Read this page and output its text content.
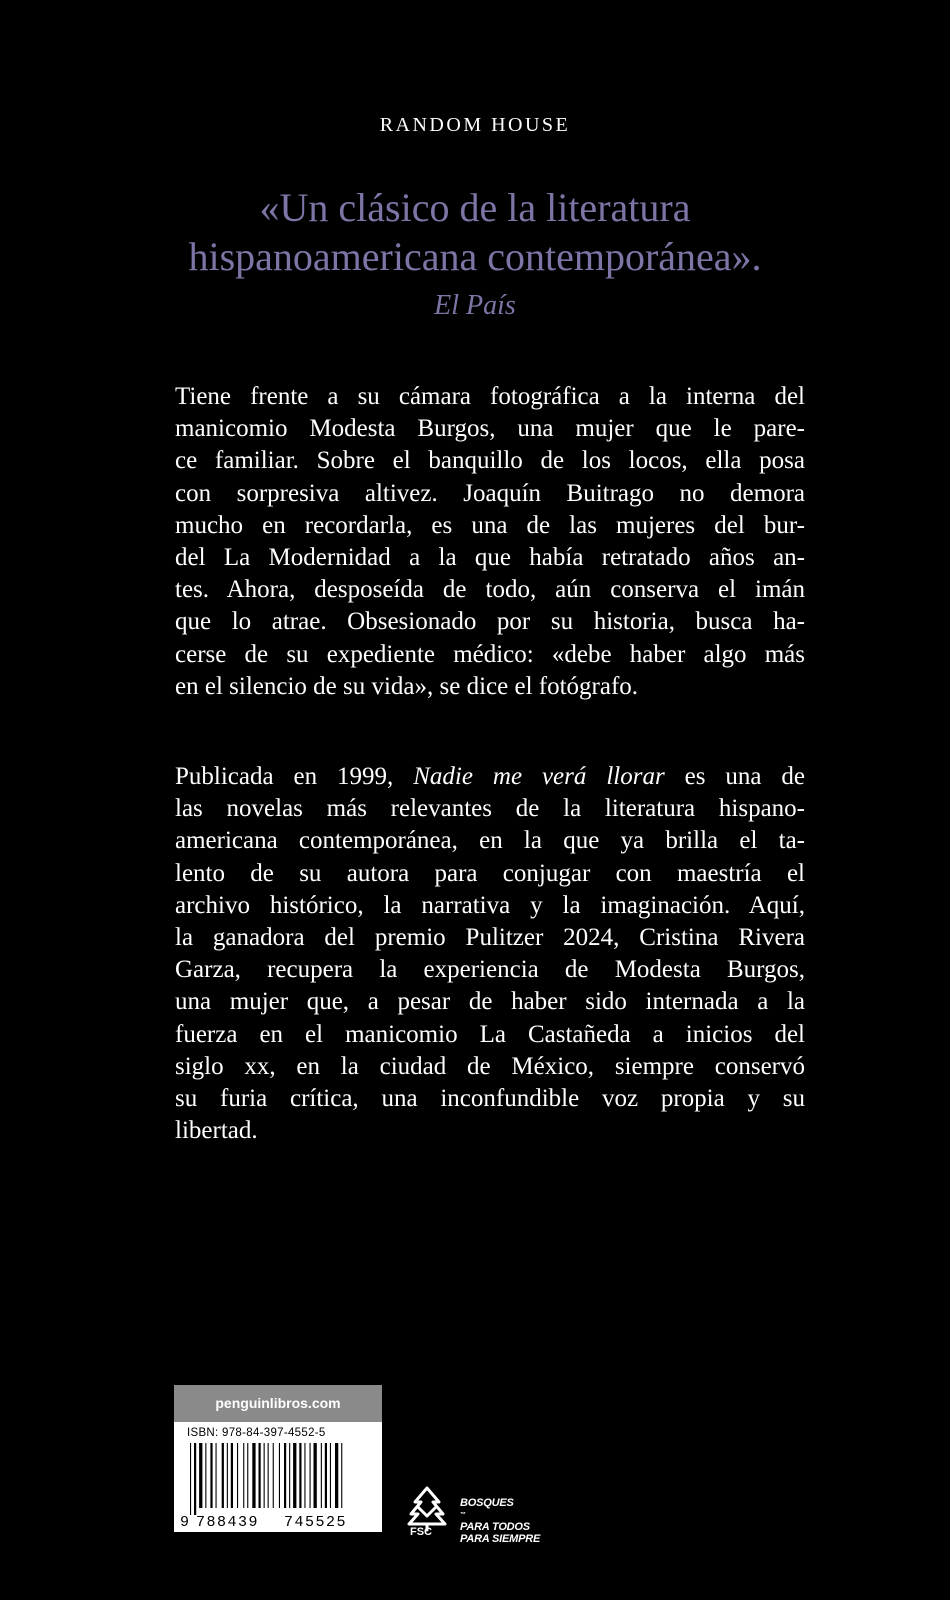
RANDOM HOUSE
«Un clásico de la literatura
hispanoamericana contemporánea».
El País
Tiene frente a su cámara fotográfica a la interna del
manicomio Modesta Burgos, una mujer que le pare-
ce familiar. Sobre el banquillo de los locos, ella posa
con sorpresiva altivez. Joaquín Buitrago no demora
mucho en recordarla, es una de las mujeres del bur-
del La Modernidad a la que había retratado años an-
tes. Ahora, desposeída de todo, aún conserva el imán
que lo atrae. Obsesionado por su historia, busca ha-
cerse de su expediente médico: «debe haber algo más
en el silencio de su vida», se dice el fotógrafo.
Publicada en 1999, Nadie me verá llorar es una de
las novelas más relevantes de la literatura hispano-
americana contemporánea, en la que ya brilla el ta-
lento de su autora para conjugar con maestría el
archivo histórico, la narrativa y la imaginación. Aquí,
la ganadora del premio Pulitzer 2024, Cristina Rivera
Garza, recupera la experiencia de Modesta Burgos,
una mujer que, a pesar de haber sido internada a la
fuerza en el manicomio La Castañeda a inicios del
siglo xx, en la ciudad de México, siempre conservó
su furia crítica, una inconfundible voz propia y su
libertad.
penguinlibros.com
ISBN: 978-84-397-4552-5
9 788439 745525
FSC
BOSQUES
™
PARA TODOS
PARA SIEMPRE
